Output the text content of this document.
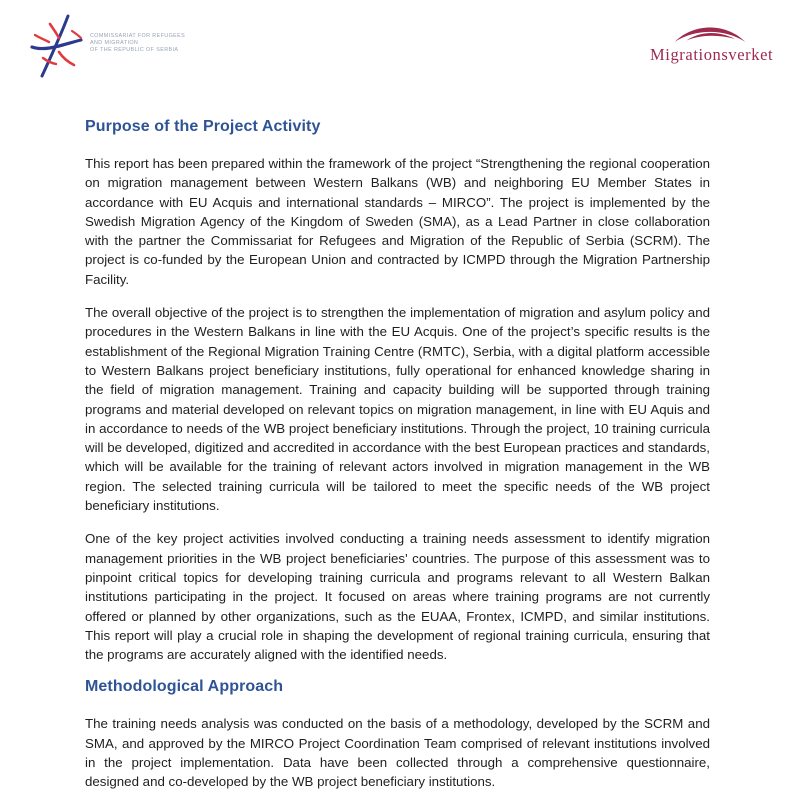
COMMISSARIAT FOR REFUGEES
AND MIGRATION
OF THE REPUBLIC OF SERBIA	Migrationsverket
Purpose of the Project Activity

This report has been prepared within the framework of the project “Strengthening the regional cooperation on migration management between Western Balkans (WB) and neighboring EU Member States in accordance with EU Acquis and international standards – MIRCO”. The project is implemented by the Swedish Migration Agency of the Kingdom of Sweden (SMA), as a Lead Partner in close collaboration with the partner the Commissariat for Refugees and Migration of the Republic of Serbia (SCRM). The project is co-funded by the European Union and contracted by ICMPD through the Migration Partnership Facility.

The overall objective of the project is to strengthen the implementation of migration and asylum policy and procedures in the Western Balkans in line with the EU Acquis. One of the project’s specific results is the establishment of the Regional Migration Training Centre (RMTC), Serbia, with a digital platform accessible to Western Balkans project beneficiary institutions, fully operational for enhanced knowledge sharing in the field of migration management. Training and capacity building will be supported through training programs and material developed on relevant topics on migration management, in line with EU Aquis and in accordance to needs of the WB project beneficiary institutions. Through the project, 10 training curricula will be developed, digitized and accredited in accordance with the best European practices and standards, which will be available for the training of relevant actors involved in migration management in the WB region. The selected training curricula will be tailored to meet the specific needs of the WB project beneficiary institutions.

One of the key project activities involved conducting a training needs assessment to identify migration management priorities in the WB project beneficiaries' countries. The purpose of this assessment was to pinpoint critical topics for developing training curricula and programs relevant to all Western Balkan institutions participating in the project. It focused on areas where training programs are not currently offered or planned by other organizations, such as the EUAA, Frontex, ICMPD, and similar institutions. This report will play a crucial role in shaping the development of regional training curricula, ensuring that the programs are accurately aligned with the identified needs.

Methodological Approach

The training needs analysis was conducted on the basis of a methodology, developed by the SCRM and SMA, and approved by the MIRCO Project Coordination Team comprised of relevant institutions involved in the project implementation. Data have been collected through a comprehensive questionnaire, designed and co-developed by the WB project beneficiary institutions.
